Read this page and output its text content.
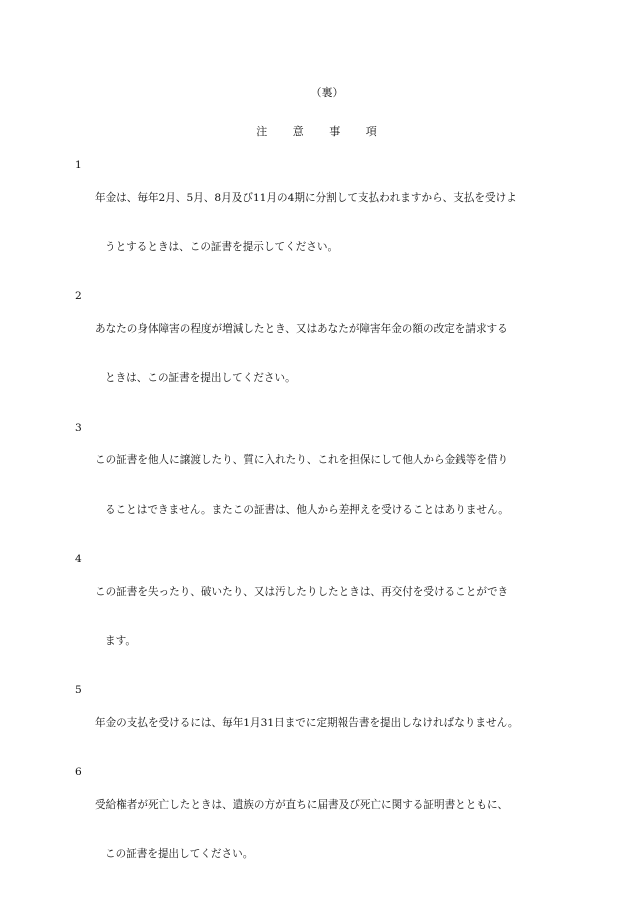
（裏）
注 意 事 項
1

年金は、毎年2月、5月、8月及び11月の4期に分割して支払われますから、支払を受けよ

うとするときは、この証書を提示してください。

2

あなたの身体障害の程度が増減したとき、又はあなたが障害年金の額の改定を請求する

ときは、この証書を提出してください。

3

この証書を他人に譲渡したり、質に入れたり、これを担保にして他人から金銭等を借り

ることはできません。またこの証書は、他人から差押えを受けることはありません。

4

この証書を失ったり、破いたり、又は汚したりしたときは、再交付を受けることができ

ます。

5

年金の支払を受けるには、毎年1月31日までに定期報告書を提出しなければなりません。

6

受給権者が死亡したときは、遺族の方が直ちに届書及び死亡に関する証明書とともに、

この証書を提出してください。
